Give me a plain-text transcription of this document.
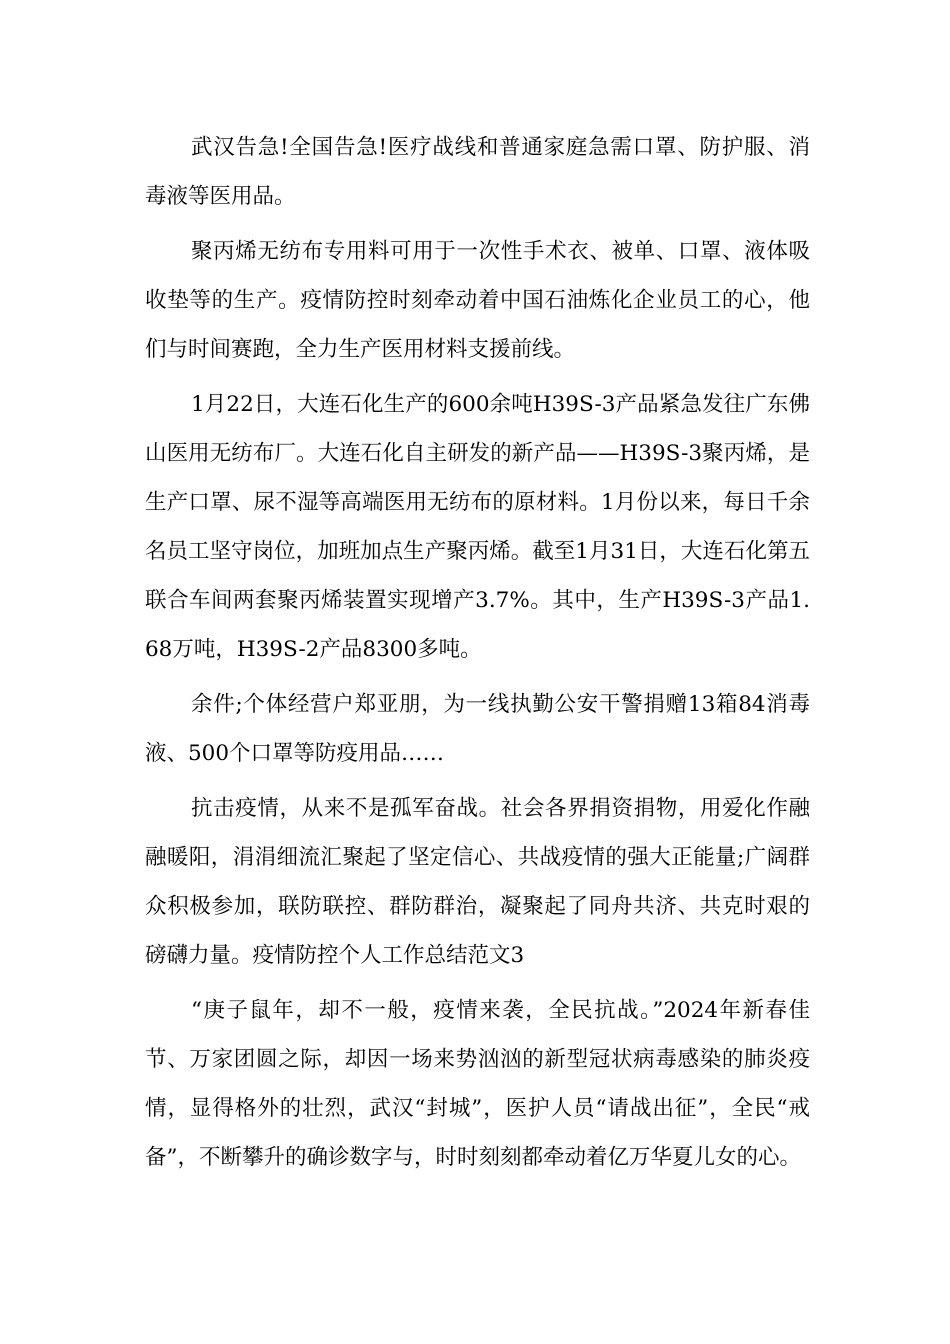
武汉告急!全国告急!医疗战线和普通家庭急需口罩、防护服、消毒液等医用品。

聚丙烯无纺布专用料可用于一次性手术衣、被单、口罩、液体吸收垫等的生产。疫情防控时刻牵动着中国石油炼化企业员工的心，他们与时间赛跑，全力生产医用材料支援前线。

1月22日，大连石化生产的600余吨H39S-3产品紧急发往广东佛山医用无纺布厂。大连石化自主研发的新产品——H39S-3聚丙烯，是生产口罩、尿不湿等高端医用无纺布的原材料。1月份以来，每日千余名员工坚守岗位，加班加点生产聚丙烯。截至1月31日，大连石化第五联合车间两套聚丙烯装置实现增产3.7%。其中，生产H39S-3产品1.68万吨，H39S-2产品8300多吨。

余件;个体经营户郑亚朋，为一线执勤公安干警捐赠13箱84消毒液、500个口罩等防疫用品……

抗击疫情，从来不是孤军奋战。社会各界捐资捐物，用爱化作融融暖阳，涓涓细流汇聚起了坚定信心、共战疫情的强大正能量;广阔群众积极参加，联防联控、群防群治，凝聚起了同舟共济、共克时艰的磅礴力量。疫情防控个人工作总结范文3

“庚子鼠年，却不一般，疫情来袭，全民抗战。”2024年新春佳节、万家团圆之际，却因一场来势汹汹的新型冠状病毒感染的肺炎疫情，显得格外的壮烈，武汉“封城”，医护人员“请战出征”，全民“戒备”，不断攀升的确诊数字与，时时刻刻都牵动着亿万华夏儿女的心。
